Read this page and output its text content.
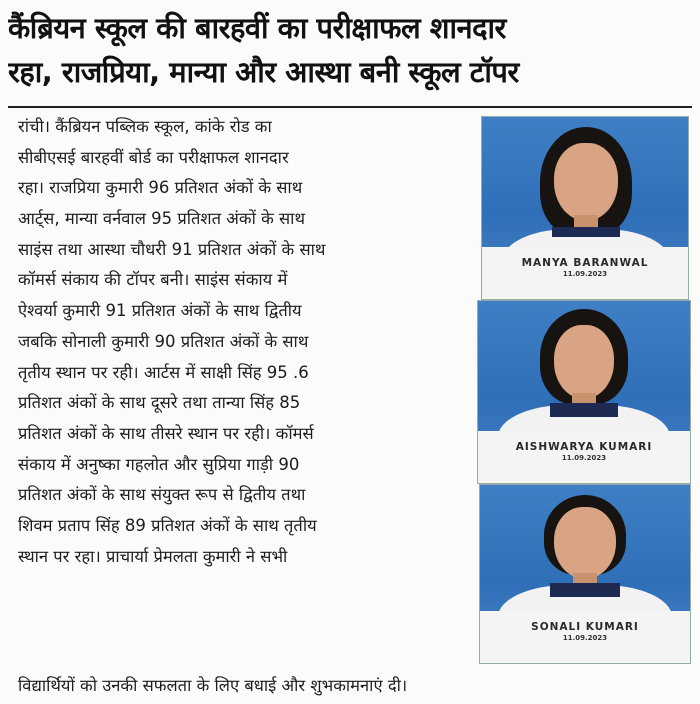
कैंब्रियन स्कूल की बारहवीं का परीक्षाफल शानदार
रहा, राजप्रिया, मान्या और आस्था बनी स्कूल टॉपर
रांची। कैंब्रियन पब्लिक स्कूल, कांके रोड का
सीबीएसई बारहवीं बोर्ड का परीक्षाफल शानदार
रहा। राजप्रिया कुमारी 96 प्रतिशत अंकों के साथ
आर्ट्स, मान्या वर्नवाल 95 प्रतिशत अंकों के साथ
साइंस तथा आस्था चौधरी 91 प्रतिशत अंकों के साथ
कॉमर्स संकाय की टॉपर बनी। साइंस संकाय में
ऐश्वर्या कुमारी 91 प्रतिशत अंकों के साथ द्वितीय
जबकि सोनाली कुमारी 90 प्रतिशत अंकों के साथ
तृतीय स्थान पर रही। आर्टस में साक्षी सिंह 95 .6
प्रतिशत अंकों के साथ दूसरे तथा तान्या सिंह 85
प्रतिशत अंकों के साथ तीसरे स्थान पर रही। कॉमर्स
संकाय में अनुष्का गहलोत और सुप्रिया गाड़ी 90
प्रतिशत अंकों के साथ संयुक्त रूप से द्वितीय तथा
शिवम प्रताप सिंह 89 प्रतिशत अंकों के साथ तृतीय
स्थान पर रहा। प्राचार्या प्रेमलता कुमारी ने सभी
विद्यार्थियों को उनकी सफलता के लिए बधाई और शुभकामनाएं दी।
MANYA BARANWAL
11.09.2023
AISHWARYA KUMARI
11.09.2023
SONALI KUMARI
11.09.2023
